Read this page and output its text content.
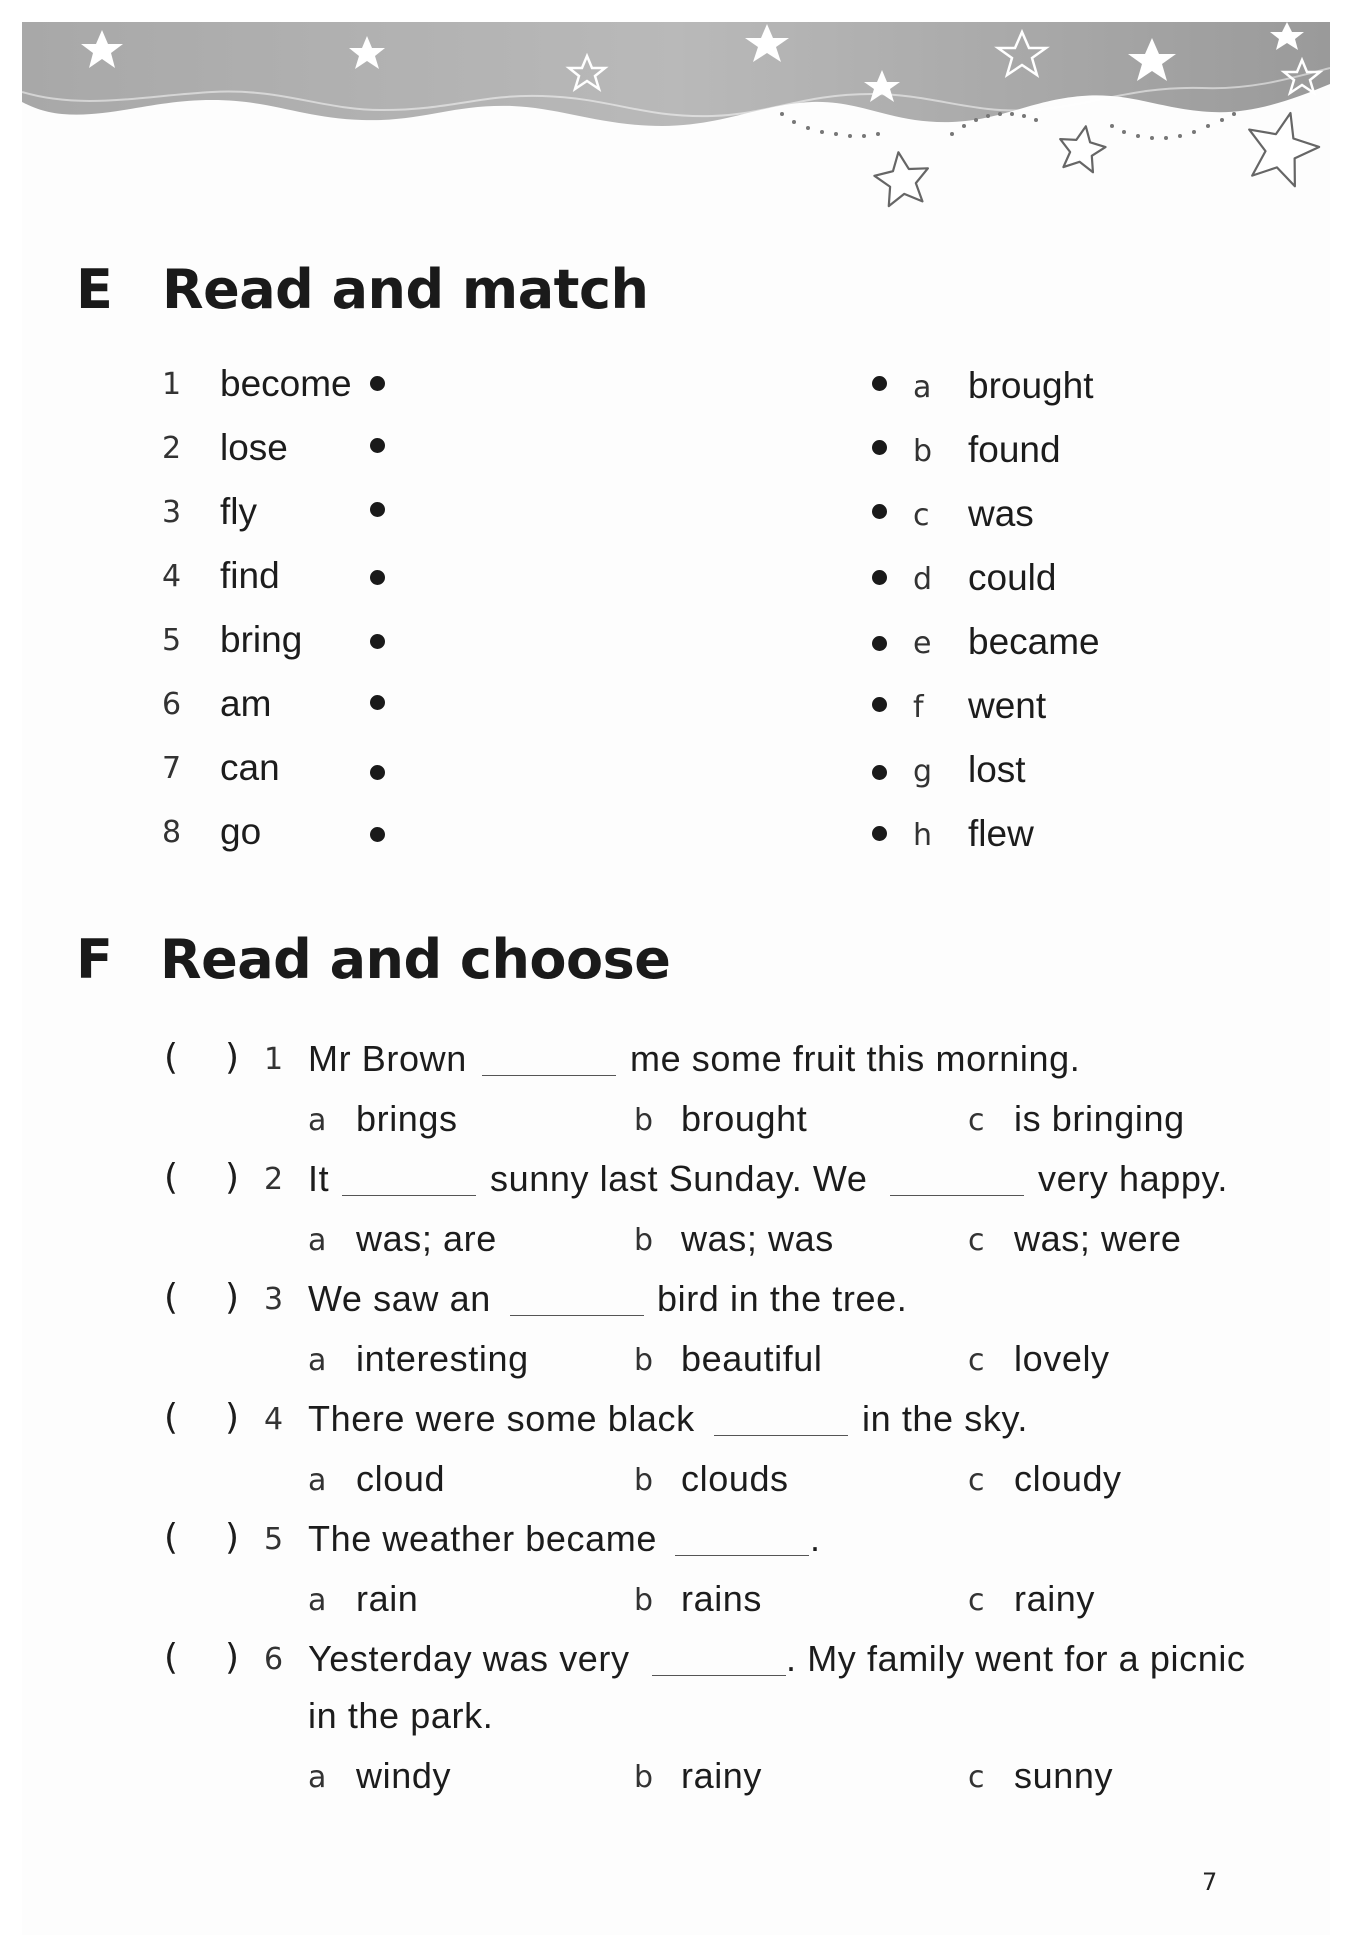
E Read and match
1 become
2 lose
3 fly
4 find
5 bring
6 am
7 can
8 go
a brought
b found
c was
d could
e became
f went
g lost
h flew
F Read and choose
( ) 1 Mr Brown	me some fruit this morning.
a brings	b brought	c is bringing
( ) 2 It	sunny last Sunday. We	very happy.
a was; are	b was; was	c was; were
( ) 3 We saw an	bird in the tree.
a interesting	b beautiful	c lovely
( ) 4 There were some black	in the sky.
a cloud	b clouds	c cloudy
( ) 5 The weather became	.
a rain	b rains	c rainy
( ) 6 Yesterday was very	. My family went for a picnic
in the park.
a windy	b rainy	c sunny
7
